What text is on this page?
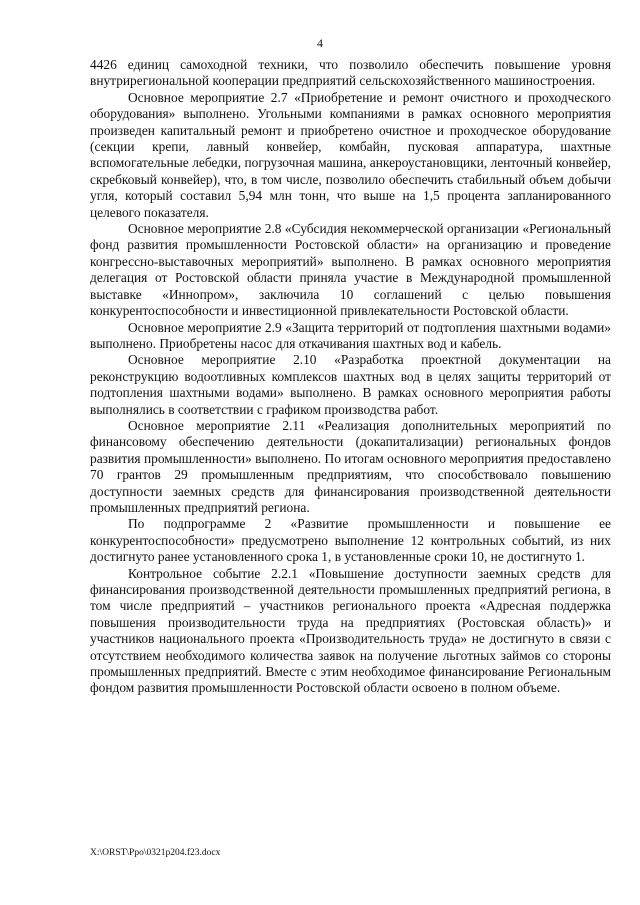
4

4426 единиц самоходной техники, что позволило обеспечить повышение уровня внутрирегиональной кооперации предприятий сельскохозяйственного машиностроения.

Основное мероприятие 2.7 «Приобретение и ремонт очистного и проходческого оборудования» выполнено. Угольными компаниями в рамках основного мероприятия произведен капитальный ремонт и приобретено очистное и проходческое оборудование (секции крепи, лавный конвейер, комбайн, пусковая аппаратура, шахтные вспомогательные лебедки, погрузочная машина, анкероустановщики, ленточный конвейер, скребковый конвейер), что, в том числе, позволило обеспечить стабильный объем добычи угля, который составил 5,94 млн тонн, что выше на 1,5 процента запланированного целевого показателя.

Основное мероприятие 2.8 «Субсидия некоммерческой организации «Региональный фонд развития промышленности Ростовской области» на организацию и проведение конгрессно-выставочных мероприятий» выполнено. В рамках основного мероприятия делегация от Ростовской области приняла участие в Международной промышленной выставке «Иннопром», заключила 10 соглашений с целью повышения конкурентоспособности и инвестиционной привлекательности Ростовской области.

Основное мероприятие 2.9 «Защита территорий от подтопления шахтными водами» выполнено. Приобретены насос для откачивания шахтных вод и кабель.

Основное мероприятие 2.10 «Разработка проектной документации на реконструкцию водоотливных комплексов шахтных вод в целях защиты территорий от подтопления шахтными водами» выполнено. В рамках основного мероприятия работы выполнялись в соответствии с графиком производства работ.

Основное мероприятие 2.11 «Реализация дополнительных мероприятий по финансовому обеспечению деятельности (докапитализации) региональных фондов развития промышленности» выполнено. По итогам основного мероприятия предоставлено 70 грантов 29 промышленным предприятиям, что способствовало повышению доступности заемных средств для финансирования производственной деятельности промышленных предприятий региона.

По подпрограмме 2 «Развитие промышленности и повышение ее конкурентоспособности» предусмотрено выполнение 12 контрольных событий, из них достигнуто ранее установленного срока 1, в установленные сроки 10, не достигнуто 1.

Контрольное событие 2.2.1 «Повышение доступности заемных средств для финансирования производственной деятельности промышленных предприятий региона, в том числе предприятий – участников регионального проекта «Адресная поддержка повышения производительности труда на предприятиях (Ростовская область)» и участников национального проекта «Производительность труда» не достигнуто в связи с отсутствием необходимого количества заявок на получение льготных займов со стороны промышленных предприятий. Вместе с этим необходимое финансирование Региональным фондом развития промышленности Ростовской области освоено в полном объеме.

X:\ORST\Ppo\0321p204.f23.docx
